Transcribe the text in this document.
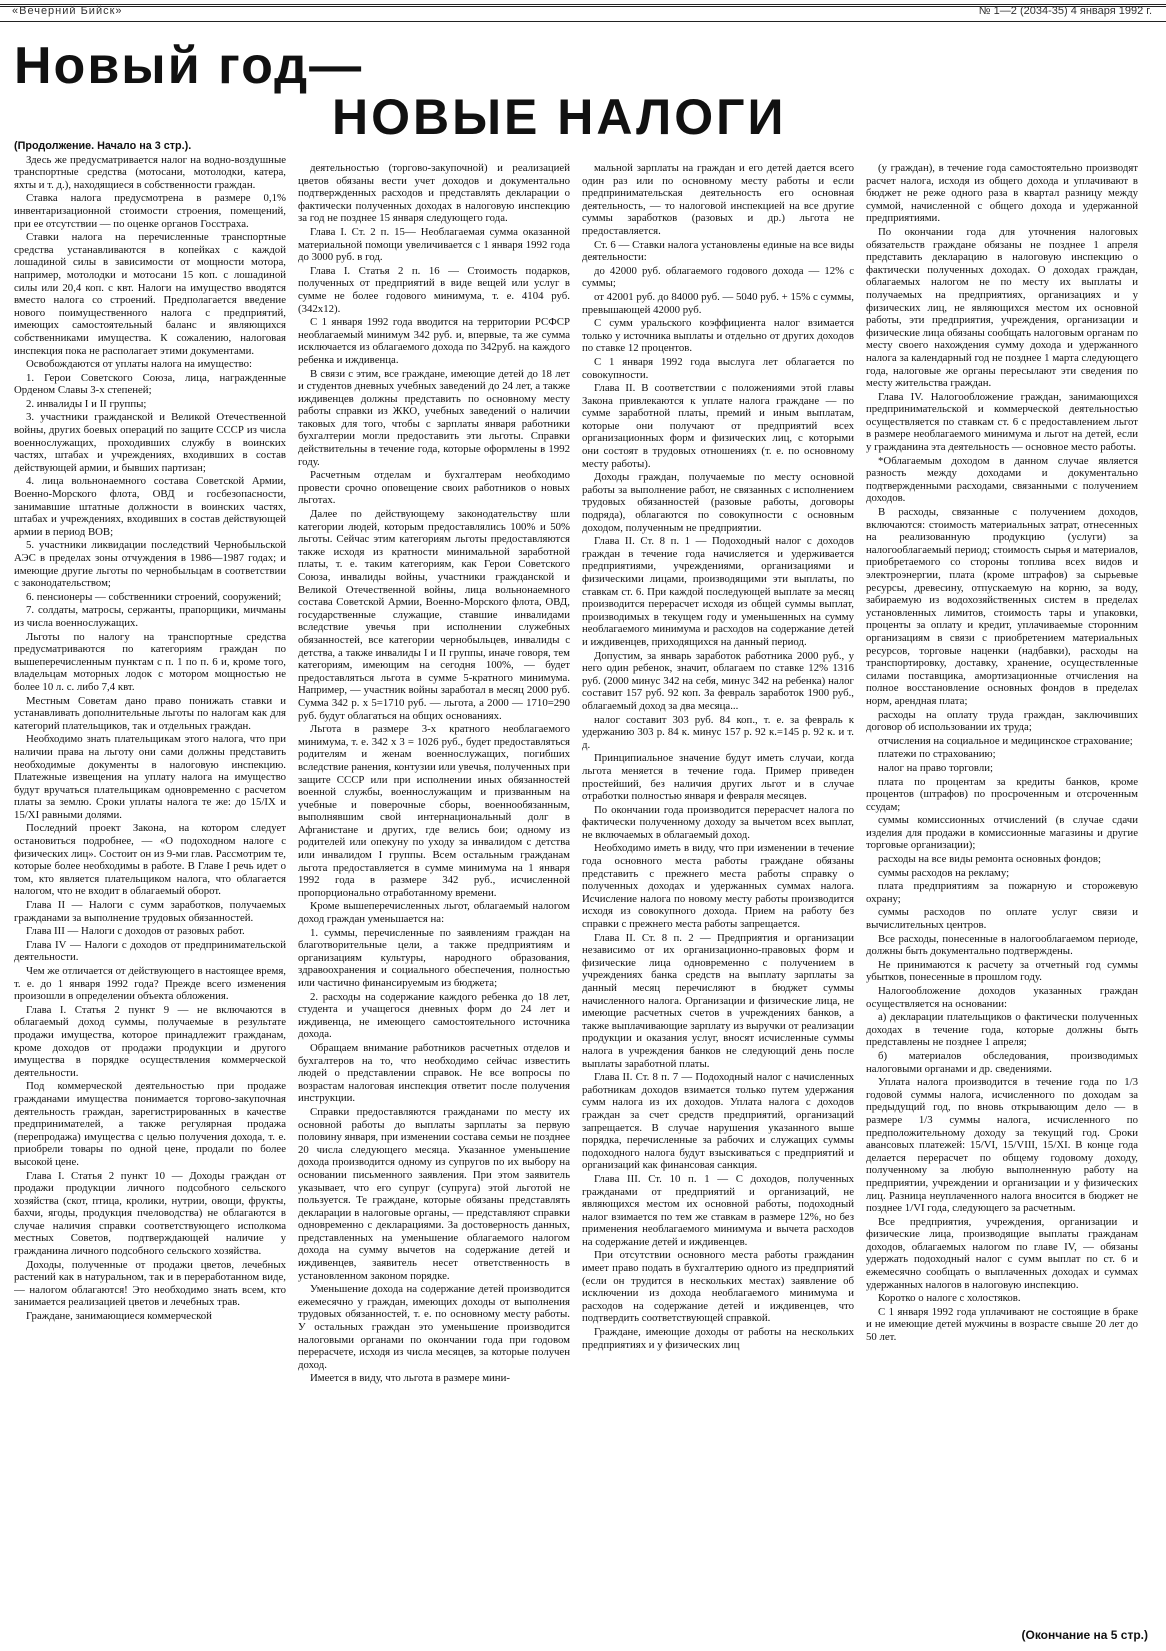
«Вечерний Бийск»	№ 1—2 (2034-35) 4 января 1992 г.
Новый год—
НОВЫЕ НАЛОГИ

(Продолжение. Начало на 3 стр.).

Здесь же предусматривается налог на водно-воздушные транспортные средства (мотосани, мотолодки, катера, яхты и т. д.), находящиеся в собственности граждан.

Ставка налога предусмотрена в размере 0,1% инвентаризационной стоимости строения, помещений, при ее отсутствии — по оценке органов Госстраха.

Ставки налога на перечисленные транспортные средства устанавливаются в копейках с каждой лошадиной силы в зависимости от мощности мотора, например, мотолодки и мотосани 15 коп. с лошадиной силы или 20,4 коп. с квт. Налоги на имущество вводятся вместо налога со строений. Предполагается введение нового поимущественного налога с предприятий, имеющих самостоятельный баланс и являющихся собственниками имущества. К сожалению, налоговая инспекция пока не располагает этими документами.

Освобождаются от уплаты налога на имущество:

1. Герои Советского Союза, лица, награжденные Орденом Славы 3-х степеней;

2. инвалиды I и II группы;

3. участники гражданской и Великой Отечественной войны, других боевых операций по защите СССР из числа военнослужащих, проходивших службу в воинских частях, штабах и учреждениях, входивших в состав действующей армии, и бывших партизан;

4. лица вольнонаемного состава Советской Армии, Военно-Морского флота, ОВД и госбезопасности, занимавшие штатные должности в воинских частях, штабах и учреждениях, входивших в состав действующей армии в период ВОВ;

5. участники ликвидации последствий Чернобыльской АЭС в пределах зоны отчуждения в 1986—1987 годах; и имеющие другие льготы по чернобыльцам в соответствии с законодательством;

6. пенсионеры — собственники строений, сооружений;

7. солдаты, матросы, сержанты, прапорщики, мичманы из числа военнослужащих.

Льготы по налогу на транспортные средства предусматриваются по категориям граждан по вышеперечисленным пунктам с п. 1 по п. 6 и, кроме того, владельцам моторных лодок с мотором мощностью не более 10 л. с. либо 7,4 квт.

Местным Советам дано право понижать ставки и устанавливать дополнительные льготы по налогам как для категорий плательщиков, так и отдельных граждан.

Необходимо знать плательщикам этого налога, что при наличии права на льготу они сами должны представить необходимые документы в налоговую инспекцию. Платежные извещения на уплату налога на имущество будут вручаться плательщикам одновременно с расчетом платы за землю. Сроки уплаты налога те же: до 15/IX и 15/XI равными долями.

Последний проект Закона, на котором следует остановиться подробнее, — «О подоходном налоге с физических лиц». Состоит он из 9-ми глав. Рассмотрим те, которые более необходимы в работе. В Главе I речь идет о том, кто является плательщиком налога, что облагается налогом, что не входит в облагаемый оборот.

Глава II — Налоги с сумм заработков, получаемых гражданами за выполнение трудовых обязанностей.

Глава III — Налоги с доходов от разовых работ.

Глава IV — Налоги с доходов от предпринимательской деятельности.

Чем же отличается от действующего в настоящее время, т. е. до 1 января 1992 года? Прежде всего изменения произошли в определении объекта обложения.

Глава I. Статья 2 пункт 9 — не включаются в облагаемый доход суммы, получаемые в результате продажи имущества, которое принадлежит гражданам, кроме доходов от продажи продукции и другого имущества в порядке осуществления коммерческой деятельности.

Под коммерческой деятельностью при продаже гражданами имущества понимается торгово-закупочная деятельность граждан, зарегистрированных в качестве предпринимателей, а также регулярная продажа (перепродажа) имущества с целью получения дохода, т. е. приобрели товары по одной цене, продали по более высокой цене.

Глава I. Статья 2 пункт 10 — Доходы граждан от продажи продукции личного подсобного сельского хозяйства (скот, птица, кролики, нутрии, овощи, фрукты, бахчи, ягоды, продукция пчеловодства) не облагаются в случае наличия справки соответствующего исполкома местных Советов, подтверждающей наличие у гражданина личного подсобного сельского хозяйства.

Доходы, полученные от продажи цветов, лечебных растений как в натуральном, так и в переработанном виде, — налогом облагаются! Это необходимо знать всем, кто занимается реализацией цветов и лечебных трав.

Граждане, занимающиеся коммерческой

деятельностью (торгово-закупочной) и реализацией цветов обязаны вести учет доходов и документально подтвержденных расходов и представлять декларации о фактически полученных доходах в налоговую инспекцию за год не позднее 15 января следующего года.

Глава I. Ст. 2 п. 15— Необлагаемая сумма оказанной материальной помощи увеличивается с 1 января 1992 года до 3000 руб. в год.

Глава I. Статья 2 п. 16 — Стоимость подарков, полученных от предприятий в виде вещей или услуг в сумме не более годового минимума, т. е. 4104 руб. (342х12).

С 1 января 1992 года вводится на территории РСФСР необлагаемый минимум 342 руб. и, впервые, та же сумма исключается из облагаемого дохода по 342руб. на каждого ребенка и иждивенца.

В связи с этим, все граждане, имеющие детей до 18 лет и студентов дневных учебных заведений до 24 лет, а также иждивенцев должны представить по основному месту работы справки из ЖКО, учебных заведений о наличии таковых для того, чтобы с зарплаты января работники бухгалтерии могли предоставить эти льготы. Справки действительны в течение года, которые оформлены в 1992 году.

Расчетным отделам и бухгалтерам необходимо провести срочно оповещение своих работников о новых льготах.

Далее по действующему законодательству шли категории людей, которым предоставлялись 100% и 50% льготы. Сейчас этим категориям льготы предоставляются также исходя из кратности минимальной заработной платы, т. е. таким категориям, как Герои Советского Союза, инвалиды войны, участники гражданской и Великой Отечественной войны, лица вольнонаемного состава Советской Армии, Военно-Морского флота, ОВД, государственные служащие, ставшие инвалидами вследствие увечья при исполнении служебных обязанностей, все категории чернобыльцев, инвалиды с детства, а также инвалиды I и II группы, иначе говоря, тем категориям, имеющим на сегодня 100%, — будет предоставляться льгота в сумме 5-кратного минимума. Например, — участник войны заработал в месяц 2000 руб. Сумма 342 р. х 5=1710 руб. — льгота, а 2000 — 1710=290 руб. будут облагаться на общих основаниях.

Льгота в размере 3-х кратного необлагаемого минимума, т. е. 342 х 3 = 1026 руб., будет предоставляться родителям и женам военнослужащих, погибших вследствие ранения, контузии или увечья, полученных при защите СССР или при исполнении иных обязанностей военной службы, военнослужащим и призванным на учебные и поверочные сборы, военнообязанным, выполнявшим свой интернациональный долг в Афганистане и других, где велись бои; одному из родителей или опекуну по уходу за инвалидом с детства или инвалидом I группы. Всем остальным гражданам льгота предоставляется в сумме минимума на 1 января 1992 года в размере 342 руб., исчисленной пропорционально отработанному времени.

Кроме вышеперечисленных льгот, облагаемый налогом доход граждан уменьшается на:

1. суммы, перечисленные по заявлениям граждан на благотворительные цели, а также предприятиям и организациям культуры, народного образования, здравоохранения и социального обеспечения, полностью или частично финансируемым из бюджета;

2. расходы на содержание каждого ребенка до 18 лет, студента и учащегося дневных форм до 24 лет и иждивенца, не имеющего самостоятельного источника дохода.

Обращаем внимание работников расчетных отделов и бухгалтеров на то, что необходимо сейчас известить людей о представлении справок. Не все вопросы по возрастам налоговая инспекция ответит после получения инструкции.

Справки предоставляются гражданами по месту их основной работы до выплаты зарплаты за первую половину января, при изменении состава семьи не позднее 20 числа следующего месяца. Указанное уменьшение дохода производится одному из супругов по их выбору на основании письменного заявления. При этом заявитель указывает, что его супруг (супруга) этой льготой не пользуется. Те граждане, которые обязаны представлять декларации в налоговые органы, — представляют справки одновременно с декларациями. За достоверность данных, представленных на уменьшение облагаемого налогом дохода на сумму вычетов на содержание детей и иждивенцев, заявитель несет ответственность в установленном законом порядке.

Уменьшение дохода на содержание детей производится ежемесячно у граждан, имеющих доходы от выполнения трудовых обязанностей, т. е. по основному месту работы. У остальных граждан это уменьшение производится налоговыми органами по окончании года при годовом перерасчете, исходя из числа месяцев, за которые получен доход.

Имеется в виду, что льгота в размере мини-

мальной зарплаты на граждан и его детей дается всего один раз или по основному месту работы и если предпринимательская деятельность его основная деятельность, — то налоговой инспекцией на все другие суммы заработков (разовых и др.) льгота не предоставляется.

Ст. 6 — Ставки налога установлены единые на все виды деятельности:

до 42000 руб. облагаемого годового дохода — 12% с суммы;

от 42001 руб. до 84000 руб. — 5040 руб. + 15% с суммы, превышающей 42000 руб.

С сумм уральского коэффициента налог взимается только у источника выплаты и отдельно от других доходов по ставке 12 процентов.

С 1 января 1992 года выслуга лет облагается по совокупности.

Глава II. В соответствии с положениями этой главы Закона привлекаются к уплате налога граждане — по сумме заработной платы, премий и иным выплатам, которые они получают от предприятий всех организационных форм и физических лиц, с которыми они состоят в трудовых отношениях (т. е. по основному месту работы).

Доходы граждан, получаемые по месту основной работы за выполнение работ, не связанных с исполнением трудовых обязанностей (разовые работы, договоры подряда), облагаются по совокупности с основным доходом, полученным не предприятии.

Глава II. Ст. 8 п. 1 — Подоходный налог с доходов граждан в течение года начисляется и удерживается предприятиями, учреждениями, организациями и физическими лицами, производящими эти выплаты, по ставкам ст. 6. При каждой последующей выплате за месяц производится перерасчет исходя из общей суммы выплат, производимых в текущем году и уменьшенных на сумму необлагаемого минимума и расходов на содержание детей и иждивенцев, приходящихся на данный период.

Допустим, за январь заработок работника 2000 руб., у него один ребенок, значит, облагаем по ставке 12% 1316 руб. (2000 минус 342 на себя, минус 342 на ребенка) налог составит 157 руб. 92 коп. За февраль заработок 1900 руб., облагаемый доход за два месяца...

налог составит 303 руб. 84 коп., т. е. за февраль к удержанию 303 р. 84 к. минус 157 р. 92 к.=145 р. 92 к. и т. д.

Принципиальное значение будут иметь случаи, когда льгота меняется в течение года. Пример приведен простейший, без наличия других льгот и в случае отработки полностью января и февраля месяцев.

По окончании года производится перерасчет налога по фактически полученному доходу за вычетом всех выплат, не включаемых в облагаемый доход.

Необходимо иметь в виду, что при изменении в течение года основного места работы граждане обязаны представить с прежнего места работы справку о полученных доходах и удержанных суммах налога. Исчисление налога по новому месту работы производится исходя из совокупного дохода. Прием на работу без справки с прежнего места работы запрещается.

Глава II. Ст. 8 п. 2 — Предприятия и организации независимо от их организационно-правовых форм и физические лица одновременно с получением в учреждениях банка средств на выплату зарплаты за данный месяц перечисляют в бюджет суммы начисленного налога. Организации и физические лица, не имеющие расчетных счетов в учреждениях банков, а также выплачивающие зарплату из выручки от реализации продукции и оказания услуг, вносят исчисленные суммы налога в учреждения банков не следующий день после выплаты заработной платы.

Глава II. Ст. 8 п. 7 — Подоходный налог с начисленных работникам доходов взимается только путем удержания сумм налога из их доходов. Уплата налога с доходов граждан за счет средств предприятий, организаций запрещается. В случае нарушения указанного выше порядка, перечисленные за рабочих и служащих суммы подоходного налога будут взыскиваться с предприятий и организаций как финансовая санкция.

Глава III. Ст. 10 п. 1 — С доходов, полученных гражданами от предприятий и организаций, не являющихся местом их основной работы, подоходный налог взимается по тем же ставкам в размере 12%, но без применения необлагаемого минимума и вычета расходов на содержание детей и иждивенцев.

При отсутствии основного места работы гражданин имеет право подать в бухгалтерию одного из предприятий (если он трудится в нескольких местах) заявление об исключении из дохода необлагаемого минимума и расходов на содержание детей и иждивенцев, что подтвердить соответствующей справкой.

Граждане, имеющие доходы от работы на нескольких предприятиях и у физических лиц

(у граждан), в течение года самостоятельно производят расчет налога, исходя из общего дохода и уплачивают в бюджет не реже одного раза в квартал разницу между суммой, начисленной с общего дохода и удержанной предприятиями.

По окончании года для уточнения налоговых обязательств граждане обязаны не позднее 1 апреля представить декларацию в налоговую инспекцию о фактически полученных доходах. О доходах граждан, облагаемых налогом не по месту их выплаты и получаемых на предприятиях, организациях и у физических лиц, не являющихся местом их основной работы, эти предприятия, учреждения, организации и физические лица обязаны сообщать налоговым органам по месту своего нахождения сумму дохода и удержанного налога за календарный год не позднее 1 марта следующего года, налоговые же органы пересылают эти сведения по месту жительства граждан.

Глава IV. Налогообложение граждан, занимающихся предпринимательской и коммерческой деятельностью осуществляется по ставкам ст. 6 с предоставлением льгот в размере необлагаемого минимума и льгот на детей, если у гражданина эта деятельность — основное место работы.

*Облагаемым доходом в данном случае является разность между доходами и документально подтвержденными расходами, связанными с получением доходов.

В расходы, связанные с получением доходов, включаются: стоимость материальных затрат, отнесенных на реализованную продукцию (услуги) за налогооблагаемый период; стоимость сырья и материалов, приобретаемого со стороны топлива всех видов и электроэнергии, плата (кроме штрафов) за сырьевые ресурсы, древесину, отпускаемую на корню, за воду, забираемую из водохозяйственных систем в пределах установленных лимитов, стоимость тары и упаковки, проценты за оплату и кредит, уплачиваемые сторонним организациям в связи с приобретением материальных ресурсов, торговые наценки (надбавки), расходы на транспортировку, доставку, хранение, осуществленные силами поставщика, амортизационные отчисления на полное восстановление основных фондов в пределах норм, арендная плата;

расходы на оплату труда граждан, заключивших договор об использовании их труда;

отчисления на социальное и медицинское страхование;

платежи по страхованию;

налог на право торговли;

плата по процентам за кредиты банков, кроме процентов (штрафов) по просроченным и отсроченным ссудам;

суммы комиссионных отчислений (в случае сдачи изделия для продажи в комиссионные магазины и другие торговые организации);

расходы на все виды ремонта основных фондов;

суммы расходов на рекламу;

плата предприятиям за пожарную и сторожевую охрану;

суммы расходов по оплате услуг связи и вычислительных центров.

Все расходы, понесенные в налогооблагаемом периоде, должны быть документально подтверждены.

Не принимаются к расчету за отчетный год суммы убытков, понесенные в прошлом году.

Налогообложение доходов указанных граждан осуществляется на основании:

а) декларации плательщиков о фактически полученных доходах в течение года, которые должны быть представлены не позднее 1 апреля;

б) материалов обследования, производимых налоговыми органами и др. сведениями.

Уплата налога производится в течение года по 1/3 годовой суммы налога, исчисленного по доходам за предыдущий год, по вновь открывающим дело — в размере 1/3 суммы налога, исчисленного по предположительному доходу за текущий год. Сроки авансовых платежей: 15/VI, 15/VIII, 15/XI. В конце года делается перерасчет по общему годовому доходу, полученному за любую выполненную работу на предприятии, учреждении и организации и у физических лиц. Разница неуплаченного налога вносится в бюджет не позднее 1/VI года, следующего за расчетным.

Все предприятия, учреждения, организации и физические лица, производящие выплаты гражданам доходов, облагаемых налогом по главе IV, — обязаны удержать подоходный налог с сумм выплат по ст. 6 и ежемесячно сообщать о выплаченных доходах и суммах удержанных налогов в налоговую инспекцию.

Коротко о налоге с холостяков.

С 1 января 1992 года уплачивают не состоящие в браке и не имеющие детей мужчины в возрасте свыше 20 лет до 50 лет.

(Окончание на 5 стр.)
